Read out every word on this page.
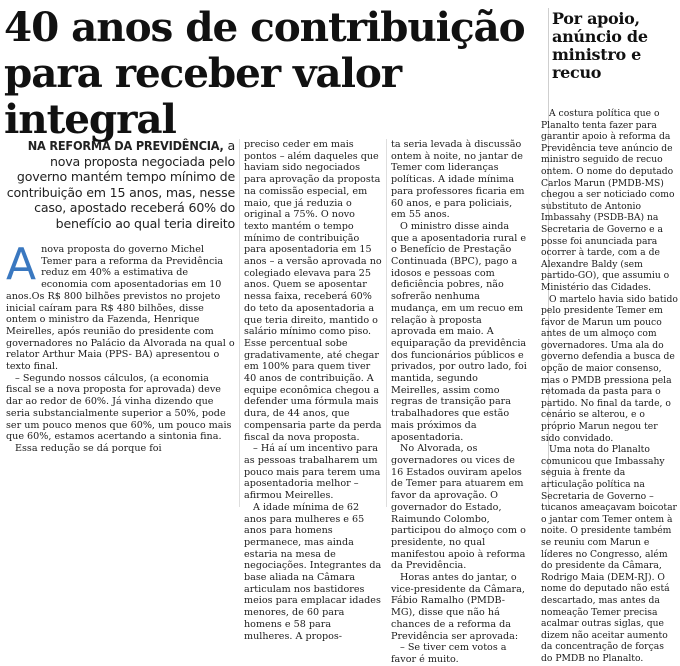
40 anos de contribuição para receber valor integral
Por apoio, anúncio de ministro e recuo

A costura política que o Planalto tenta fazer para garantir apoio à reforma da Previdência teve anúncio de ministro seguido de recuo ontem. O nome do deputado Carlos Marun (PMDB-MS) chegou a ser noticiado como substituto de Antonio Imbassahy (PSDB-BA) na Secretaria de Governo e a posse foi anunciada para ocorrer à tarde, com a de Alexandre Baldy (sem partido-GO), que assumiu o Ministério das Cidades.

O martelo havia sido batido pelo presidente Temer em favor de Marun um pouco antes de um almoço com governadores. Uma ala do governo defendia a busca de opção de maior consenso, mas o PMDB pressiona pela retomada da pasta para o partido. No final da tarde, o cenário se alterou, e o próprio Marun negou ter sido convidado.

Uma nota do Planalto comunicou que Imbassahy seguia à frente da articulação política na Secretaria de Governo – tucanos ameaçavam boicotar o jantar com Temer ontem à noite. O presidente também se reuniu com Marun e líderes no Congresso, além do presidente da Câmara, Rodrigo Maia (DEM-RJ). O nome do deputado não está descartado, mas antes da nomeação Temer precisa acalmar outras siglas, que dizem não aceitar aumento da concentração de forças do PMDB no Planalto.

NA REFORMA DA PREVIDÊNCIA, a nova proposta negociada pelo governo mantém tempo mínimo de contribuição em 15 anos, mas, nesse caso, apostado receberá 60% do benefício ao qual teria direito

Anova proposta do governo Michel Temer para a reforma da Previdência reduz em 40% a estimativa de economia com aposentadorias em 10 anos.Os R$ 800 bilhões previstos no projeto inicial caíram para R$ 480 bilhões, disse ontem o ministro da Fazenda, Henrique Meirelles, após reunião do presidente com governadores no Palácio da Alvorada na qual o relator Arthur Maia (PPS- BA) apresentou o texto final.

– Segundo nossos cálculos, (a economia fiscal se a nova proposta for aprovada) deve dar ao redor de 60%. Já vinha dizendo que seria substancialmente superior a 50%, pode ser um pouco menos que 60%, um pouco mais que 60%, estamos acertando a sintonia fina.

Essa redução se dá porque foi

preciso ceder em mais pontos – além daqueles que haviam sido negociados para aprovação da proposta na comissão especial, em maio, que já reduzia o original a 75%. O novo texto mantém o tempo mínimo de contribuição para aposentadoria em 15 anos – a versão aprovada no colegiado elevava para 25 anos. Quem se aposentar nessa faixa, receberá 60% do teto da aposentadoria a que teria direito, mantido o salário mínimo como piso. Esse percentual sobe gradativamente, até chegar em 100% para quem tiver 40 anos de contribuição. A equipe econômica chegou a defender uma fórmula mais dura, de 44 anos, que compensaria parte da perda fiscal da nova proposta.

– Há aí um incentivo para as pessoas trabalharem um pouco mais para terem uma aposentadoria melhor – afirmou Meirelles.

A idade mínima de 62 anos para mulheres e 65 anos para homens permanece, mas ainda estaria na mesa de negociações. Integrantes da base aliada na Câmara articulam nos bastidores meios para emplacar idades menores, de 60 para homens e 58 para mulheres. A propos-

ta seria levada à discussão ontem à noite, no jantar de Temer com lideranças políticas. A idade mínima para professores ficaria em 60 anos, e para policiais, em 55 anos.

O ministro disse ainda que a aposentadoria rural e o Benefício de Prestação Continuada (BPC), pago a idosos e pessoas com deficiência pobres, não sofrerão nenhuma mudança, em um recuo em relação à proposta aprovada em maio. A equiparação da previdência dos funcionários públicos e privados, por outro lado, foi mantida, segundo Meirelles, assim como regras de transição para trabalhadores que estão mais próximos da aposentadoria.

No Alvorada, os governadores ou vices de 16 Estados ouviram apelos de Temer para atuarem em favor da aprovação. O governador do Estado, Raimundo Colombo, participou do almoço com o presidente, no qual manifestou apoio à reforma da Previdência.

Horas antes do jantar, o vice-presidente da Câmara, Fábio Ramalho (PMDB-MG), disse que não há chances de a reforma da Previdência ser aprovada:

– Se tiver cem votos a favor é muito.
